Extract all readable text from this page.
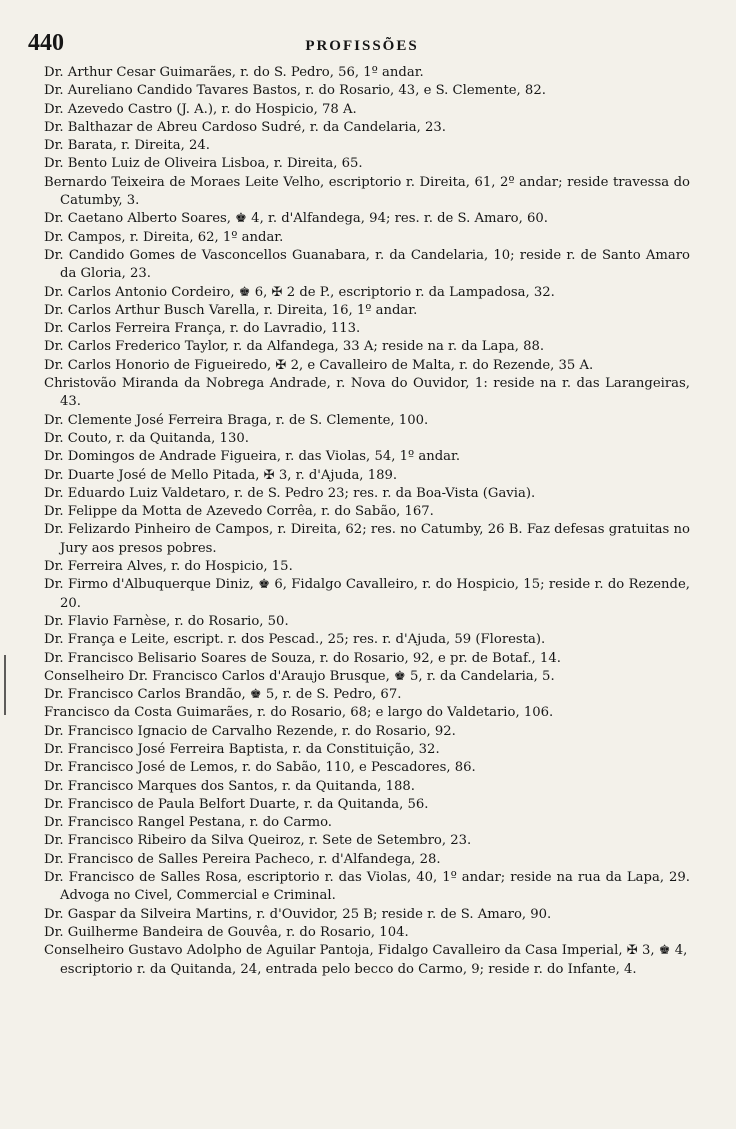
440	PROFISSÕES

Dr. Arthur Cesar Guimarães, r. do S. Pedro, 56, 1º andar.

Dr. Aureliano Candido Tavares Bastos, r. do Rosario, 43, e S. Clemente, 82.

Dr. Azevedo Castro (J. A.), r. do Hospicio, 78 A.

Dr. Balthazar de Abreu Cardoso Sudré, r. da Candelaria, 23.

Dr. Barata, r. Direita, 24.

Dr. Bento Luiz de Oliveira Lisboa, r. Direita, 65.

Bernardo Teixeira de Moraes Leite Velho, escriptorio r. Direita, 61, 2º andar; reside travessa do Catumby, 3.

Dr. Caetano Alberto Soares, ♚ 4, r. d'Alfandega, 94; res. r. de S. Amaro, 60.

Dr. Campos, r. Direita, 62, 1º andar.

Dr. Candido Gomes de Vasconcellos Guanabara, r. da Candelaria, 10; reside r. de Santo Amaro da Gloria, 23.

Dr. Carlos Antonio Cordeiro, ♚ 6, ✠ 2 de P., escriptorio r. da Lampadosa, 32.

Dr. Carlos Arthur Busch Varella, r. Direita, 16, 1º andar.

Dr. Carlos Ferreira França, r. do Lavradio, 113.

Dr. Carlos Frederico Taylor, r. da Alfandega, 33 A; reside na r. da Lapa, 88.

Dr. Carlos Honorio de Figueiredo, ✠ 2, e Cavalleiro de Malta, r. do Rezende, 35 A.

Christovão Miranda da Nobrega Andrade, r. Nova do Ouvidor, 1: reside na r. das Larangeiras, 43.

Dr. Clemente José Ferreira Braga, r. de S. Clemente, 100.

Dr. Couto, r. da Quitanda, 130.

Dr. Domingos de Andrade Figueira, r. das Violas, 54, 1º andar.

Dr. Duarte José de Mello Pitada, ✠ 3, r. d'Ajuda, 189.

Dr. Eduardo Luiz Valdetaro, r. de S. Pedro 23; res. r. da Boa-Vista (Gavia).

Dr. Felippe da Motta de Azevedo Corrêa, r. do Sabão, 167.

Dr. Felizardo Pinheiro de Campos, r. Direita, 62; res. no Catumby, 26 B. Faz defesas gratuitas no Jury aos presos pobres.

Dr. Ferreira Alves, r. do Hospicio, 15.

Dr. Firmo d'Albuquerque Diniz, ♚ 6, Fidalgo Cavalleiro, r. do Hospicio, 15; reside r. do Rezende, 20.

Dr. Flavio Farnèse, r. do Rosario, 50.

Dr. França e Leite, escript. r. dos Pescad., 25; res. r. d'Ajuda, 59 (Floresta).

Dr. Francisco Belisario Soares de Souza, r. do Rosario, 92, e pr. de Botaf., 14.

Conselheiro Dr. Francisco Carlos d'Araujo Brusque, ♚ 5, r. da Candelaria, 5.

Dr. Francisco Carlos Brandão, ♚ 5, r. de S. Pedro, 67.

Francisco da Costa Guimarães, r. do Rosario, 68; e largo do Valdetario, 106.

Dr. Francisco Ignacio de Carvalho Rezende, r. do Rosario, 92.

Dr. Francisco José Ferreira Baptista, r. da Constituição, 32.

Dr. Francisco José de Lemos, r. do Sabão, 110, e Pescadores, 86.

Dr. Francisco Marques dos Santos, r. da Quitanda, 188.

Dr. Francisco de Paula Belfort Duarte, r. da Quitanda, 56.

Dr. Francisco Rangel Pestana, r. do Carmo.

Dr. Francisco Ribeiro da Silva Queiroz, r. Sete de Setembro, 23.

Dr. Francisco de Salles Pereira Pacheco, r. d'Alfandega, 28.

Dr. Francisco de Salles Rosa, escriptorio r. das Violas, 40, 1º andar; reside na rua da Lapa, 29. Advoga no Civel, Commercial e Criminal.

Dr. Gaspar da Silveira Martins, r. d'Ouvidor, 25 B; reside r. de S. Amaro, 90.

Dr. Guilherme Bandeira de Gouvêa, r. do Rosario, 104.

Conselheiro Gustavo Adolpho de Aguilar Pantoja, Fidalgo Cavalleiro da Casa Imperial, ✠ 3, ♚ 4, escriptorio r. da Quitanda, 24, entrada pelo becco do Carmo, 9; reside r. do Infante, 4.
